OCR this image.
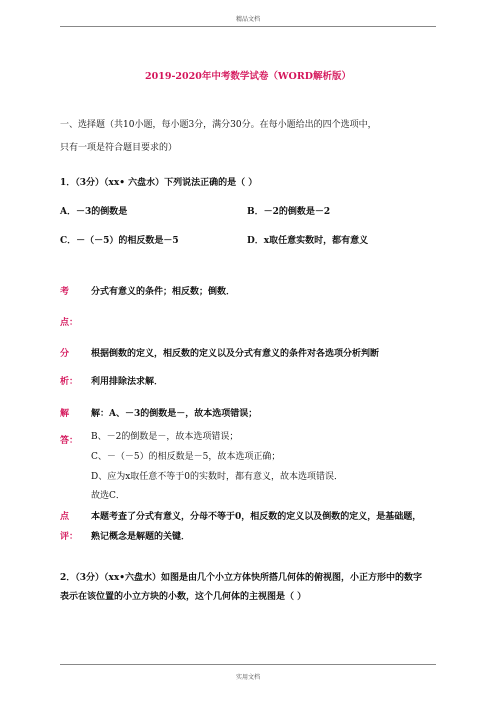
精品文档
2019-2020年中考数学试卷（WORD解析版）
一、选择题（共10小题，每小题3分，满分30分。在每小题给出的四个选项中，
只有一项是符合题目要求的）
1．（3分）（xx• 六盘水）下列说法正确的是（ ）
A．－3的倒数是	B．－2的倒数是－2
C．－（－5）的相反数是－5	D．x取任意实数时，都有意义
考
点：
分式有意义的条件；相反数；倒数．
分
析：
根据倒数的定义，相反数的定义以及分式有意义的条件对各选项分析判断
利用排除法求解．
解
答：
解：A、－3的倒数是－，故本选项错误；
B、－2的倒数是－，故本选项错误；
C、－（－5）的相反数是－5，故本选项正确；
D、应为x取任意不等于0的实数时，都有意义，故本选项错误．
故选C．
点
评：
本题考查了分式有意义，分母不等于0，相反数的定义以及倒数的定义，是基础题，
熟记概念是解题的关键．
2．（3分）（xx•六盘水）如图是由几个小立方体快所搭几何体的俯视图，小正方形中的数字
表示在该位置的小立方块的小数，这个几何体的主视图是（ ）
实用文档
